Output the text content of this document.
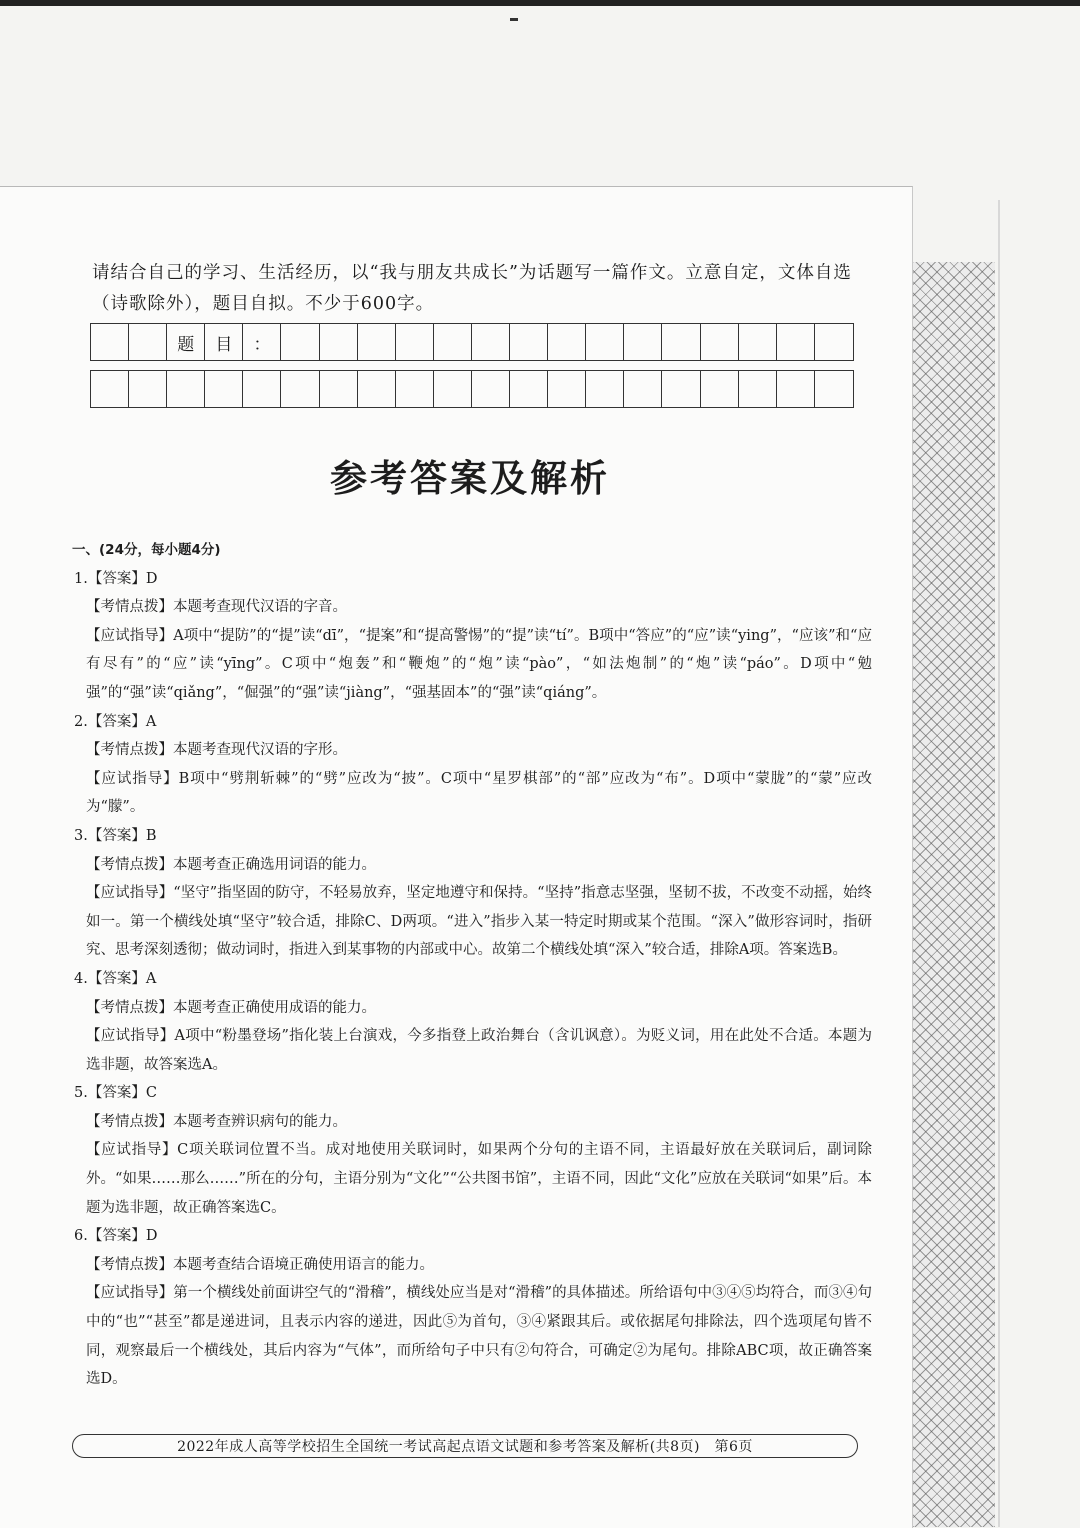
请结合自己的学习、生活经历，以“我与朋友共成长”为话题写一篇作文。立意自定，文体自选
（诗歌除外），题目自拟。不少于600字。
题	目	：
参考答案及解析

一、(24分，每小题4分)

1.【答案】D

【考情点拨】本题考查现代汉语的字音。

【应试指导】A项中“提防”的“提”读“dī”，“提案”和“提高警惕”的“提”读“tí”。B项中“答应”的“应”读“ying”，“应该”和“应有尽有”的“应”读“yīng”。C项中“炮轰”和“鞭炮”的“炮”读“pào”，“如法炮制”的“炮”读“páo”。D项中“勉强”的“强”读“qiǎng”，“倔强”的“强”读“jiàng”，“强基固本”的“强”读“qiáng”。

2.【答案】A

【考情点拨】本题考查现代汉语的字形。

【应试指导】B项中“劈荆斩棘”的“劈”应改为“披”。C项中“星罗棋部”的“部”应改为“布”。D项中“蒙胧”的“蒙”应改为“朦”。

3.【答案】B

【考情点拨】本题考查正确选用词语的能力。

【应试指导】“坚守”指坚固的防守，不轻易放弃，坚定地遵守和保持。“坚持”指意志坚强，坚韧不拔，不改变不动摇，始终如一。第一个横线处填“坚守”较合适，排除C、D两项。“进入”指步入某一特定时期或某个范围。“深入”做形容词时，指研究、思考深刻透彻；做动词时，指进入到某事物的内部或中心。故第二个横线处填“深入”较合适，排除A项。答案选B。

4.【答案】A

【考情点拨】本题考查正确使用成语的能力。

【应试指导】A项中“粉墨登场”指化装上台演戏，今多指登上政治舞台（含讥讽意）。为贬义词，用在此处不合适。本题为选非题，故答案选A。

5.【答案】C

【考情点拨】本题考查辨识病句的能力。

【应试指导】C项关联词位置不当。成对地使用关联词时，如果两个分句的主语不同，主语最好放在关联词后，副词除外。“如果……那么……”所在的分句，主语分别为“文化”“公共图书馆”，主语不同，因此“文化”应放在关联词“如果”后。本题为选非题，故正确答案选C。

6.【答案】D

【考情点拨】本题考查结合语境正确使用语言的能力。

【应试指导】第一个横线处前面讲空气的“滑稽”，横线处应当是对“滑稽”的具体描述。所给语句中③④⑤均符合，而③④句中的“也”“甚至”都是递进词，且表示内容的递进，因此⑤为首句，③④紧跟其后。或依据尾句排除法，四个选项尾句皆不同，观察最后一个横线处，其后内容为“气体”，而所给句子中只有②句符合，可确定②为尾句。排除ABC项，故正确答案选D。

2022年成人高等学校招生全国统一考试高起点语文试题和参考答案及解析(共8页)　第6页
